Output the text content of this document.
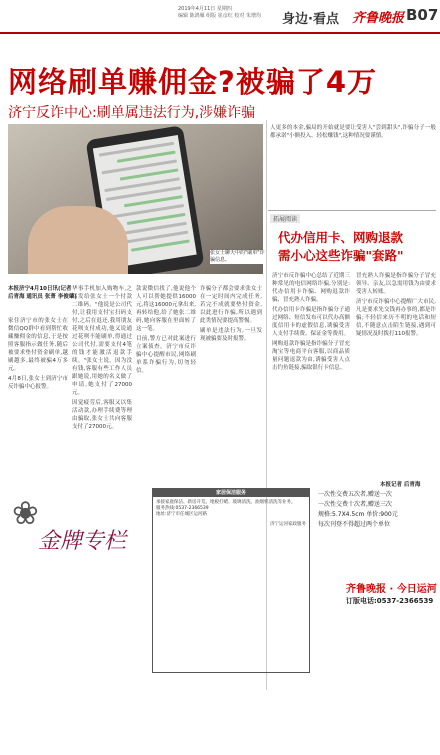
2019年4月11日 星期四
编辑 陈鸿雁 组版 崔彦红 校对 朱增均 身边·看点 齐鲁晚报 B07
网络刷单赚佣金?被骗了4万
济宁反诈中心:刷单属违法行为,涉嫌诈骗
张女士聊天中的"刷单"诈骗信息。
本报济宁4月10日讯(记者 后青海 通讯员 张菁 李俊肇)

家住济宁市的张女士在微信QQ群中看到帮忙收藏赚佣金的信息,于是按照客服指示做任务,随后被要求垫付资金刷单,越刷越多,最终被骗4万多元。

4月8日,张女士到济宁市反诈骗中心报警。

华事手机加入购物车,之后发给张女士一个付款二维码。"他说是公司代付,让我用支付宝扫码支付,之后在退还,我用朋友花呗支付成功,他又说通过花呗不能刷单,得通过公司代付,需要支付4笔的钱才能激活退款手续。"张女士说。因为没有钱,客服有些工作人员跟她说,用她的名义做了申请,她支付了27000元。

因觉疲劳后,客服又以集活动款,办理手续费等理由骗取,张女士共向客服支付了27000元。

款说微信找了,他说他个人可以帮她提供16000元,将这16000元拿出来,再转给他,给了她张二维码,她向客服在里面转了这一笔。

目前,警方已对此案进行立案侦查。济宁市反诈骗中心提醒市民,网络刷单系诈骗行为,切勿轻信。

诈骗分子都会要求张女士在一定时间内完成任务,若完不成就要垫付资金,以此进行诈骗,所以遇到此类情况要提高警惕。

刷单是违法行为,一旦发现被骗要及时报警。

人更多的本金,骗局的开始就是要让受害人"尝到甜头",诈骗分子一般都承诺"小额投入、轻松赚钱",这种情况要谨慎。

拓展阅读
代办信用卡、网购退款
需小心这些诈骗"套路"

济宁市反诈骗中心总结了近期三种常见的电信网络诈骗,分别是:代办信用卡诈骗、网购退款诈骗、冒充熟人诈骗。

代办信用卡诈骗是指诈骗分子通过网络、短信发布可以代办高额度信用卡的虚假信息,诱骗受害人支付手续费、保证金等费用。

网购退款诈骗是指诈骗分子冒充淘宝等电商平台客服,以商品质量问题退款为由,诱骗受害人点击钓鱼链接,骗取银行卡信息。

冒充熟人诈骗是指诈骗分子冒充领导、亲友,以急需用钱为由要求受害人转账。

济宁市反诈骗中心提醒广大市民,凡是要求先交钱再办事的,都是诈骗;不轻信来历不明的电话和短信,不随意点击陌生链接,遇到可疑情况及时拨打110报警。

本报记者 后青海
❀
金牌专栏
家居保洁服务

承接家庭保洁、新房开荒、地板打蜡、玻璃清洗、油烟机清洗等业务。

服务热线:0537-2366539

地址:济宁市任城区运河路

济宁运河家政服务
一次性交费五次者,赠送一次
一次性交费十次者,赠送三次
规格:5.7X4.5cm 单价:900元
每次刊登不得超过两个单位
齐鲁晚报 · 今日运河
订版电话:0537-2366539
